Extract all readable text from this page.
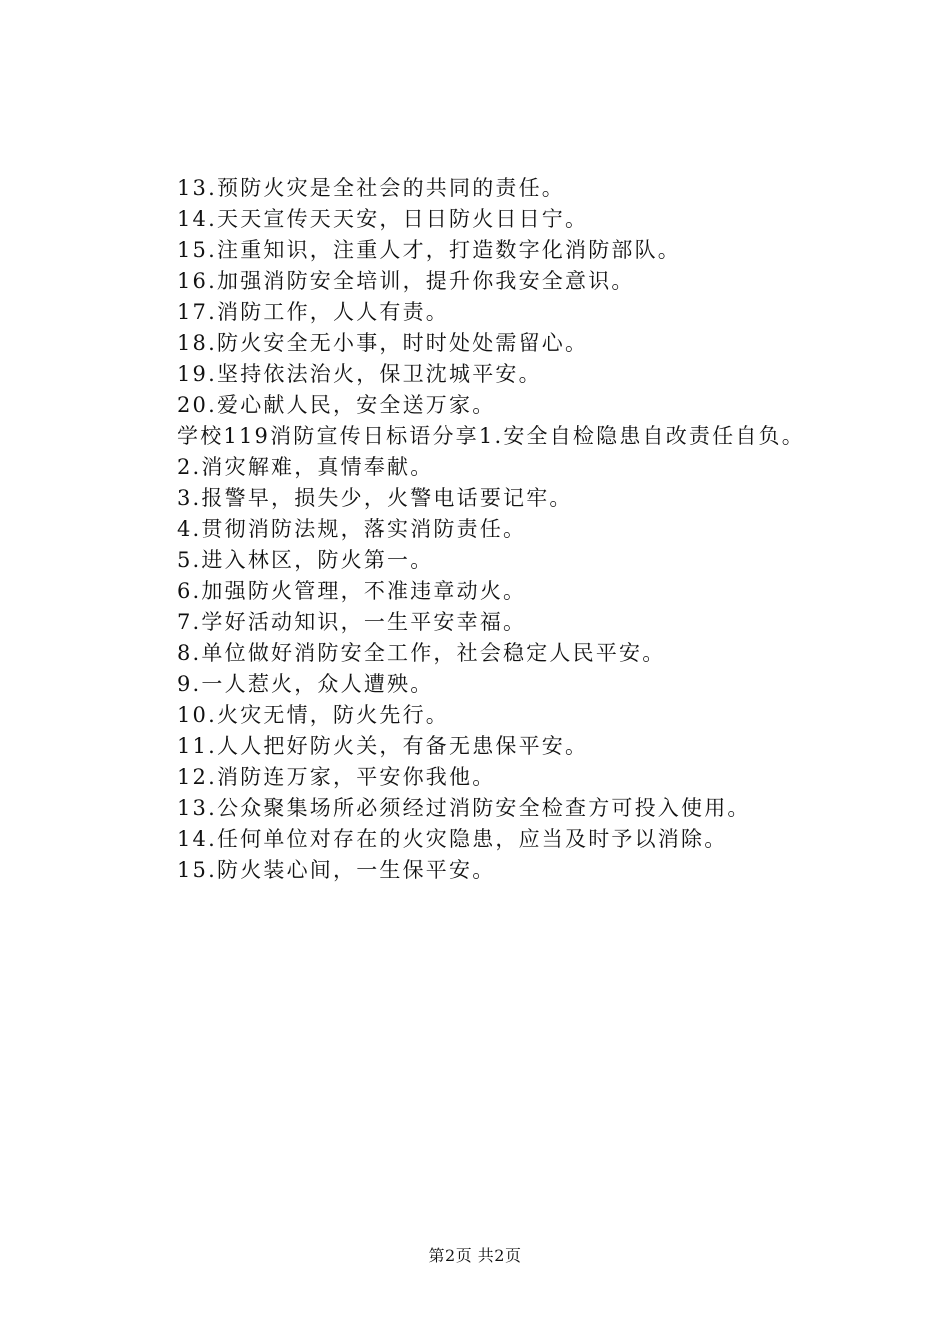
13.预防火灾是全社会的共同的责任。
14.天天宣传天天安，日日防火日日宁。
15.注重知识，注重人才，打造数字化消防部队。
16.加强消防安全培训，提升你我安全意识。
17.消防工作，人人有责。
18.防火安全无小事，时时处处需留心。
19.坚持依法治火，保卫沈城平安。
20.爱心献人民，安全送万家。
学校119消防宣传日标语分享1.安全自检隐患自改责任自负。
2.消灾解难，真情奉献。
3.报警早，损失少，火警电话要记牢。
4.贯彻消防法规，落实消防责任。
5.进入林区，防火第一。
6.加强防火管理，不准违章动火。
7.学好活动知识，一生平安幸福。
8.单位做好消防安全工作，社会稳定人民平安。
9.一人惹火，众人遭殃。
10.火灾无情，防火先行。
11.人人把好防火关，有备无患保平安。
12.消防连万家，平安你我他。
13.公众聚集场所必须经过消防安全检查方可投入使用。
14.任何单位对存在的火灾隐患，应当及时予以消除。
15.防火装心间，一生保平安。
第2页 共2页
